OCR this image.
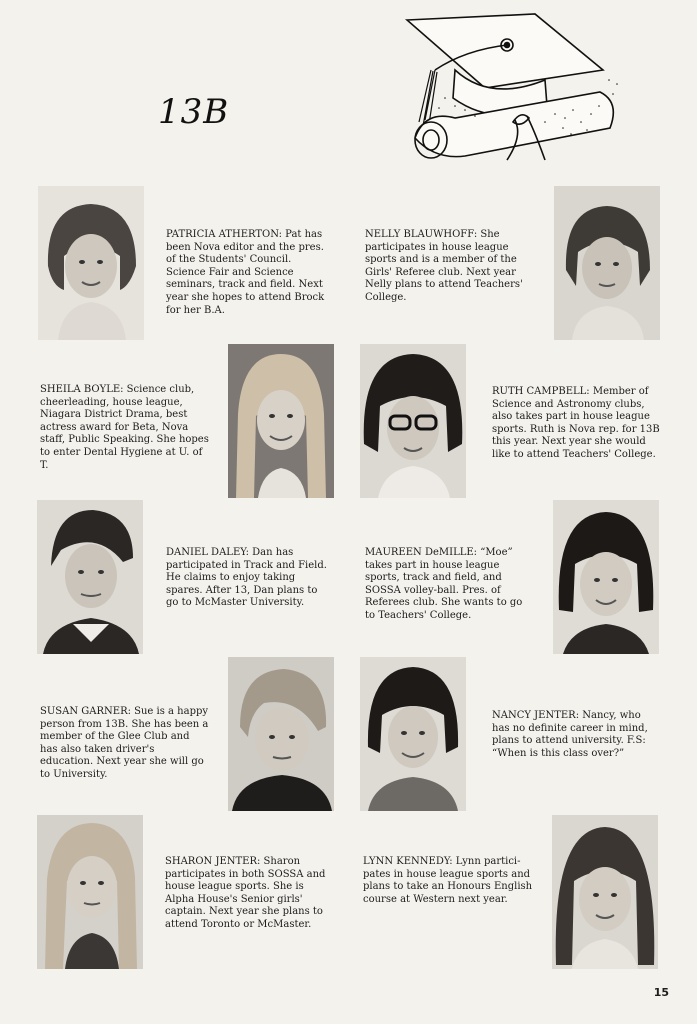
13B
PATRICIA ATHERTON: Pat has been Nova editor and the pres. of the Students' Council. Science Fair and Science seminars, track and field. Next year she hopes to attend Brock for her B.A.
NELLY BLAUWHOFF: She participates in house league sports and is a member of the Girls' Referee club. Next year Nelly plans to attend Teachers' College.
SHEILA BOYLE: Science club, cheerleading, house league, Niagara District Drama, best actress award for Beta, Nova staff, Public Speaking. She hopes to enter Dental Hygiene at U. of T.
RUTH CAMPBELL: Member of Science and Astronomy clubs, also takes part in house league sports. Ruth is Nova rep. for 13B this year. Next year she would like to attend Teachers' College.
DANIEL DALEY: Dan has participated in Track and Field. He claims to enjoy taking spares. After 13, Dan plans to go to McMaster University.
MAUREEN DeMILLE: “Moe” takes part in house league sports, track and field, and SOSSA volley-ball. Pres. of Referees club. She wants to go to Teachers' College.
SUSAN GARNER: Sue is a happy person from 13B. She has been a member of the Glee Club and has also taken driver's education. Next year she will go to University.
NANCY JENTER: Nancy, who has no definite career in mind, plans to attend university. F.S: “When is this class over?”
SHARON JENTER: Sharon participates in both SOSSA and house league sports. She is Alpha House's Senior girls' captain. Next year she plans to attend Toronto or McMaster.
LYNN KENNEDY: Lynn partici-pates in house league sports and plans to take an Honours English course at Western next year.
15
